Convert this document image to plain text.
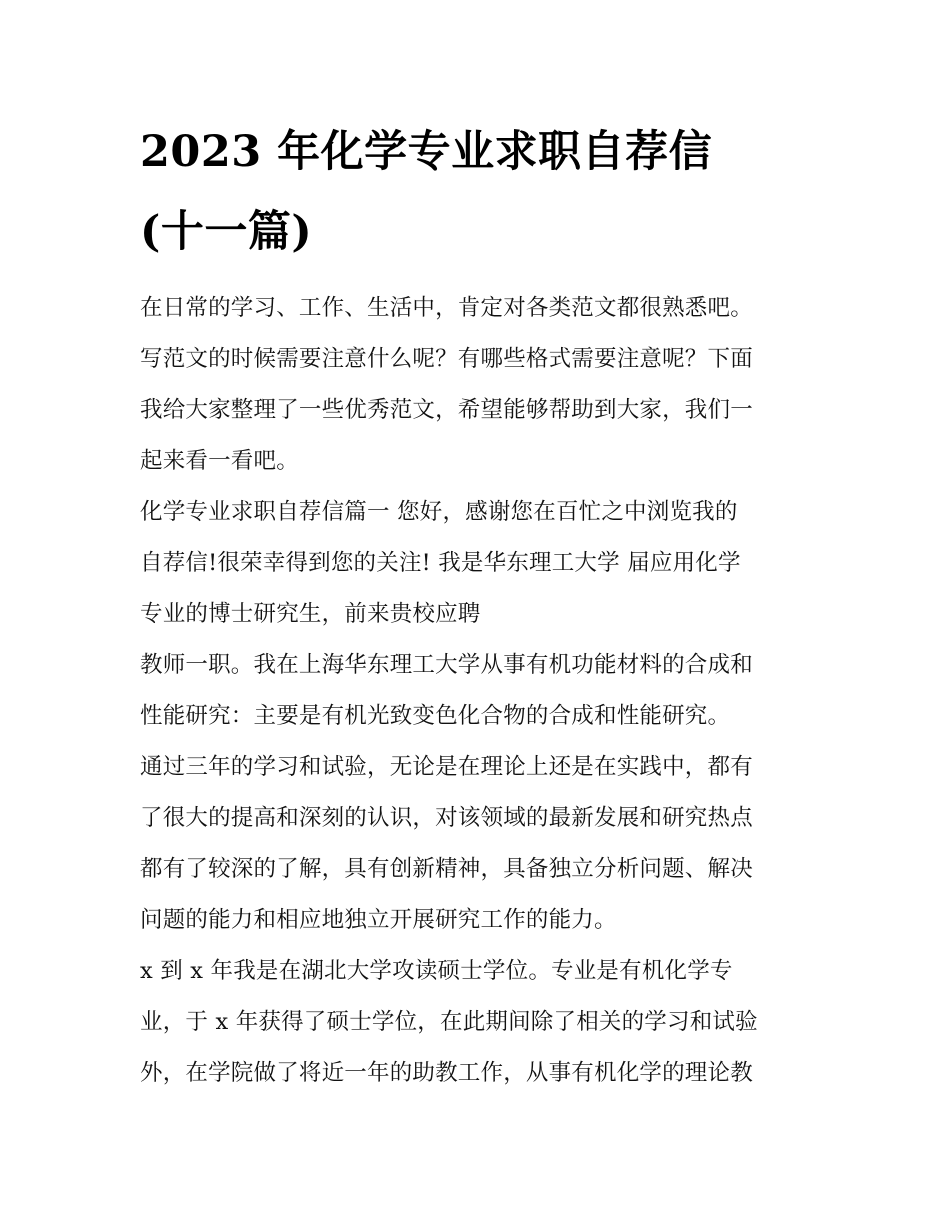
2023 年化学专业求职自荐信
(十一篇)
在日常的学习、工作、生活中，肯定对各类范文都很熟悉吧。
写范文的时候需要注意什么呢？有哪些格式需要注意呢？下面
我给大家整理了一些优秀范文，希望能够帮助到大家，我们一
起来看一看吧。
化学专业求职自荐信篇一 您好，感谢您在百忙之中浏览我的
自荐信!很荣幸得到您的关注! 我是华东理工大学 届应用化学
专业的博士研究生，前来贵校应聘
教师一职。我在上海华东理工大学从事有机功能材料的合成和
性能研究：主要是有机光致变色化合物的合成和性能研究。
通过三年的学习和试验，无论是在理论上还是在实践中，都有
了很大的提高和深刻的认识，对该领域的最新发展和研究热点
都有了较深的了解，具有创新精神，具备独立分析问题、解决
问题的能力和相应地独立开展研究工作的能力。
x 到 x 年我是在湖北大学攻读硕士学位。专业是有机化学专
业，于 x 年获得了硕士学位，在此期间除了相关的学习和试验
外，在学院做了将近一年的助教工作，从事有机化学的理论教
